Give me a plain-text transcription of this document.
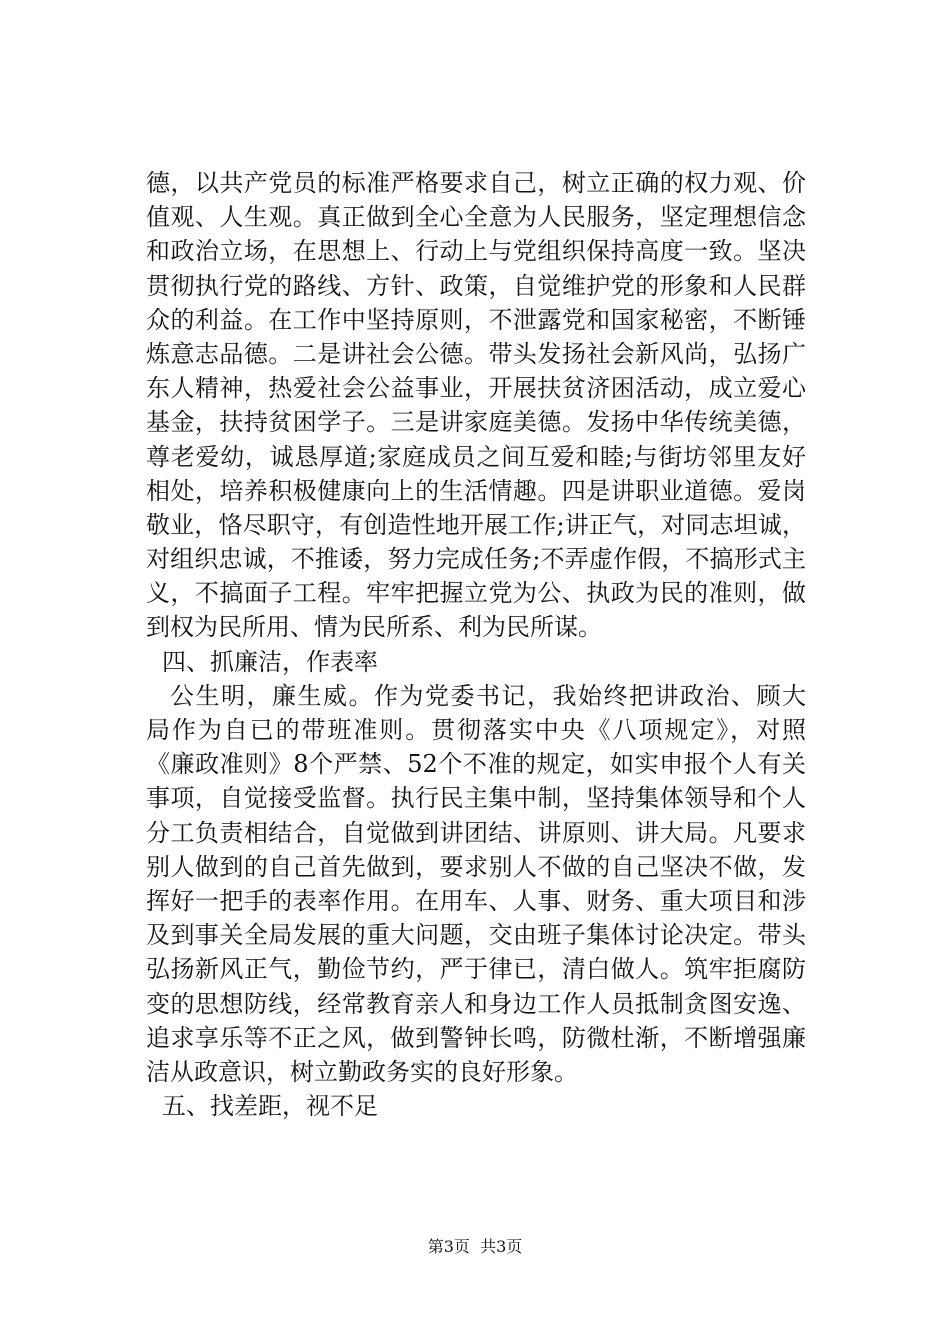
德，以共产党员的标准严格要求自己，树立正确的权力观、价
值观、人生观。真正做到全心全意为人民服务，坚定理想信念
和政治立场，在思想上、行动上与党组织保持高度一致。坚决
贯彻执行党的路线、方针、政策，自觉维护党的形象和人民群
众的利益。在工作中坚持原则，不泄露党和国家秘密，不断锤
炼意志品德。二是讲社会公德。带头发扬社会新风尚，弘扬广
东人精神，热爱社会公益事业，开展扶贫济困活动，成立爱心
基金，扶持贫困学子。三是讲家庭美德。发扬中华传统美德，
尊老爱幼，诚恳厚道;家庭成员之间互爱和睦;与街坊邻里友好
相处，培养积极健康向上的生活情趣。四是讲职业道德。爱岗
敬业，恪尽职守，有创造性地开展工作;讲正气，对同志坦诚，
对组织忠诚，不推诿，努力完成任务;不弄虚作假，不搞形式主
义，不搞面子工程。牢牢把握立党为公、执政为民的准则，做
到权为民所用、情为民所系、利为民所谋。
四、抓廉洁，作表率
公生明，廉生威。作为党委书记，我始终把讲政治、顾大
局作为自已的带班准则。贯彻落实中央《八项规定》，对照
《廉政准则》8个严禁、52个不准的规定，如实申报个人有关
事项，自觉接受监督。执行民主集中制，坚持集体领导和个人
分工负责相结合，自觉做到讲团结、讲原则、讲大局。凡要求
别人做到的自己首先做到，要求别人不做的自己坚决不做，发
挥好一把手的表率作用。在用车、人事、财务、重大项目和涉
及到事关全局发展的重大问题，交由班子集体讨论决定。带头
弘扬新风正气，勤俭节约，严于律已，清白做人。筑牢拒腐防
变的思想防线，经常教育亲人和身边工作人员抵制贪图安逸、
追求享乐等不正之风，做到警钟长鸣，防微杜渐，不断增强廉
洁从政意识，树立勤政务实的良好形象。
五、找差距，视不足
第3页  共3页
